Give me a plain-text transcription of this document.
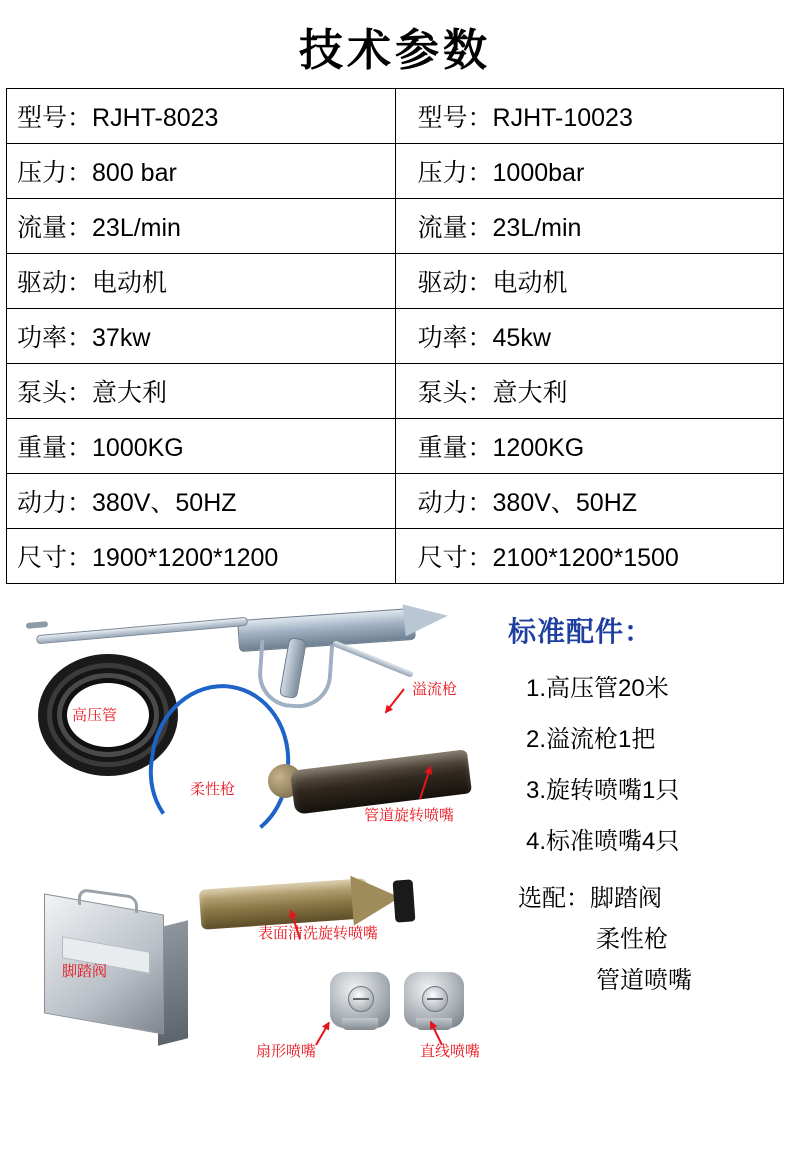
技术参数
型号：RJHT-8023	型号：RJHT-10023
压力：800 bar	压力：1000bar
流量：23L/min	流量：23L/min
驱动：电动机	驱动：电动机
功率：37kw	功率：45kw
泵头：意大利	泵头：意大利
重量：1000KG	重量：1200KG
动力：380V、50HZ	动力：380V、50HZ
尺寸：1900*1200*1200	尺寸：2100*1200*1500
高压管
柔性枪
溢流枪
管道旋转喷嘴
表面清洗旋转喷嘴
脚踏阀
扇形喷嘴	直线喷嘴
标准配件：
1.高压管20米
2.溢流枪1把
3.旋转喷嘴1只
4.标准喷嘴4只
选配：脚踏阀
柔性枪
管道喷嘴
